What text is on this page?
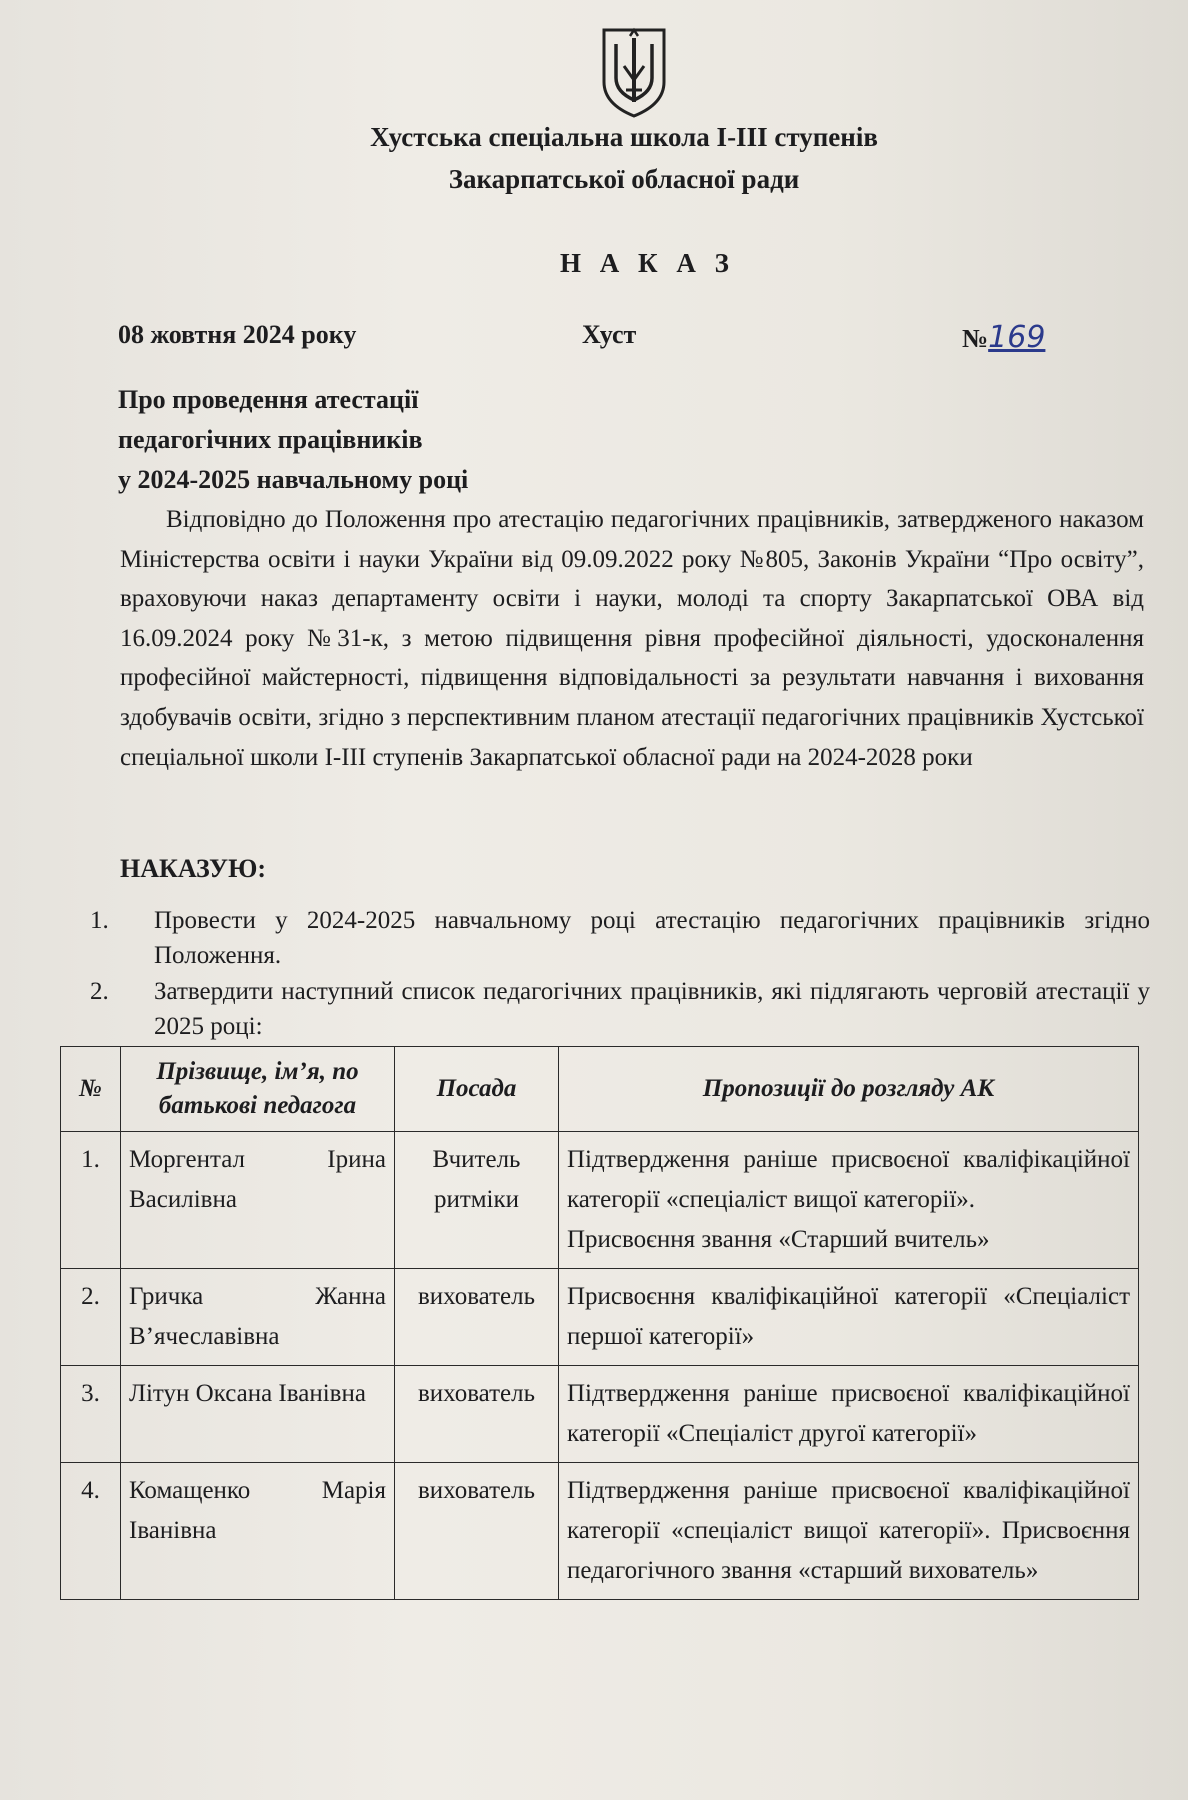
Хустська спеціальна школа І-ІІІ ступенів
Закарпатської обласної ради
Н А К А З
08 жовтня 2024 року	Хуст	№169
Про проведення атестації
педагогічних працівників
у 2024-2025 навчальному році
Відповідно до Положення про атестацію педагогічних працівників, затвердженого наказом Міністерства освіти і науки України від 09.09.2022 року №805, Законів України “Про освіту”, враховуючи наказ департаменту освіти і науки, молоді та спорту Закарпатської ОВА від 16.09.2024 року №31-к, з метою підвищення рівня професійної діяльності, удосконалення професійної майстерності, підвищення відповідальності за результати навчання і виховання здобувачів освіти, згідно з перспективним планом атестації педагогічних працівників Хустської спеціальної школи І-ІІІ ступенів Закарпатської обласної ради на 2024-2028 роки
НАКАЗУЮ:
1. Провести у 2024-2025 навчальному році атестацію педагогічних працівників згідно Положення.
2. Затвердити наступний список педагогічних працівників, які підлягають черговій атестації у 2025 році:
№	Прізвище, ім’я, по батькові педагога	Посада	Пропозиції до розгляду АК
1.	Моргентал Ірина Василівна	Вчитель ритміки	Підтвердження раніше присвоєної кваліфікаційної категорії «спеціаліст вищої категорії».
Присвоєння звання «Старший вчитель»

2.	Гричка Жанна В’ячеславівна	вихователь	Присвоєння кваліфікаційної категорії «Спеціаліст першої категорії»

3.	Літун Оксана Іванівна	вихователь	Підтвердження раніше присвоєної кваліфікаційної категорії «Спеціаліст другої категорії»

4.	Комащенко Марія Іванівна	вихователь	Підтвердження раніше присвоєної кваліфікаційної категорії «спеціаліст вищої категорії». Присвоєння педагогічного звання «старший вихователь»
